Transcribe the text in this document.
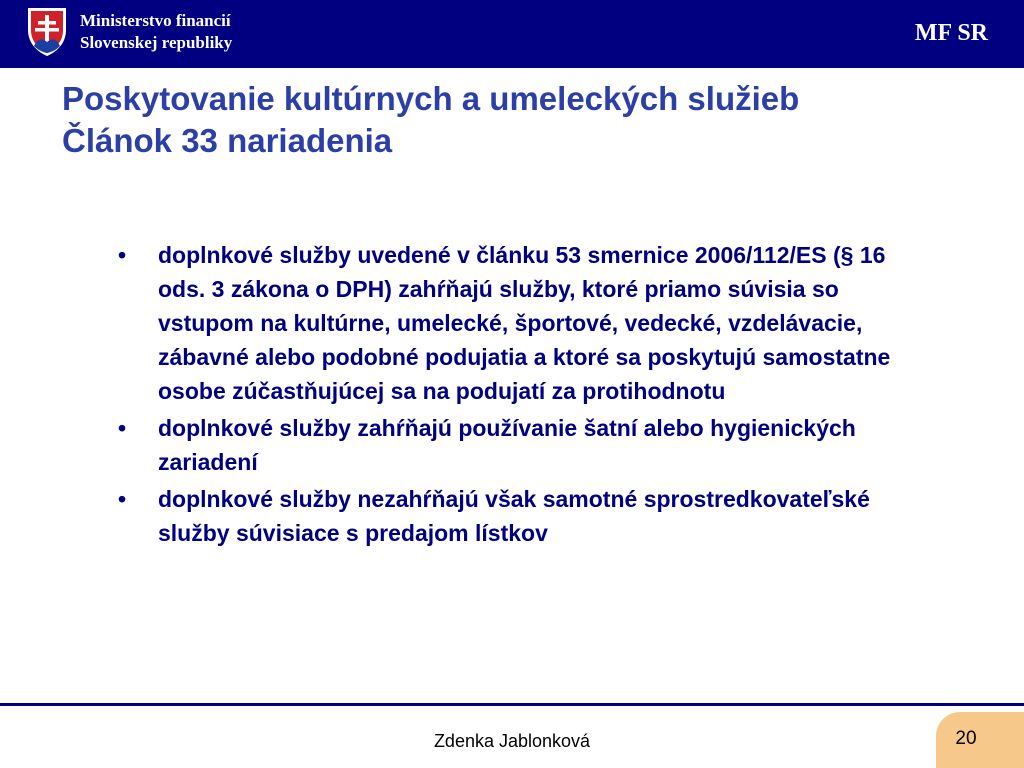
Ministerstvo financií
Slovenskej republiky	MF SR
Poskytovanie kultúrnych a umeleckých služieb
Článok 33 nariadenia
• doplnkové služby uvedené v článku 53 smernice 2006/112/ES (§ 16 ods. 3 zákona o DPH) zahŕňajú služby, ktoré priamo súvisia so vstupom na kultúrne, umelecké, športové, vedecké, vzdelávacie, zábavné alebo podobné podujatia a ktoré sa poskytujú samostatne osobe zúčastňujúcej sa na podujatí za protihodnotu
• doplnkové služby zahŕňajú používanie šatní alebo hygienických zariadení
• doplnkové služby nezahŕňajú však samotné sprostredkovateľské služby súvisiace s predajom lístkov
Zdenka Jablonková	20
